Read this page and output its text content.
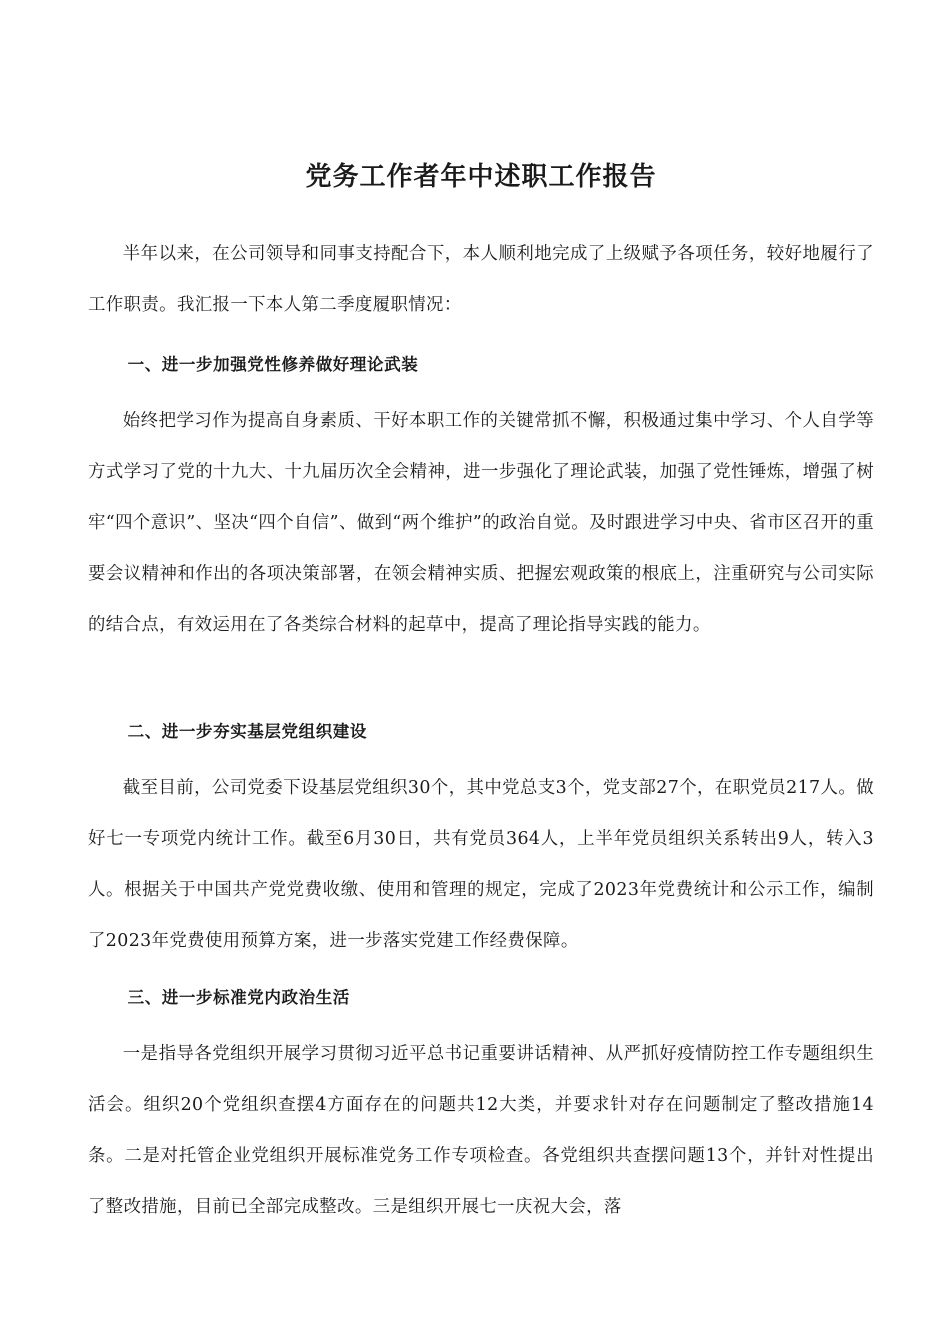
党务工作者年中述职工作报告

半年以来，在公司领导和同事支持配合下，本人顺利地完成了上级赋予各项任务，较好地履行了工作职责。我汇报一下本人第二季度履职情况：

一、进一步加强党性修养做好理论武装

始终把学习作为提高自身素质、干好本职工作的关键常抓不懈，积极通过集中学习、个人自学等方式学习了党的十九大、十九届历次全会精神，进一步强化了理论武装，加强了党性锤炼，增强了树牢“四个意识”、坚决“四个自信”、做到“两个维护”的政治自觉。及时跟进学习中央、省市区召开的重要会议精神和作出的各项决策部署，在领会精神实质、把握宏观政策的根底上，注重研究与公司实际的结合点，有效运用在了各类综合材料的起草中，提高了理论指导实践的能力。

二、进一步夯实基层党组织建设

截至目前，公司党委下设基层党组织30个，其中党总支3个，党支部27个，在职党员217人。做好七一专项党内统计工作。截至6月30日，共有党员364人，上半年党员组织关系转出9人，转入3人。根据关于中国共产党党费收缴、使用和管理的规定，完成了2023年党费统计和公示工作，编制了2023年党费使用预算方案，进一步落实党建工作经费保障。

三、进一步标准党内政治生活

一是指导各党组织开展学习贯彻习近平总书记重要讲话精神、从严抓好疫情防控工作专题组织生活会。组织20个党组织查摆4方面存在的问题共12大类，并要求针对存在问题制定了整改措施14条。二是对托管企业党组织开展标准党务工作专项检查。各党组织共查摆问题13个，并针对性提出了整改措施，目前已全部完成整改。三是组织开展七一庆祝大会，落
